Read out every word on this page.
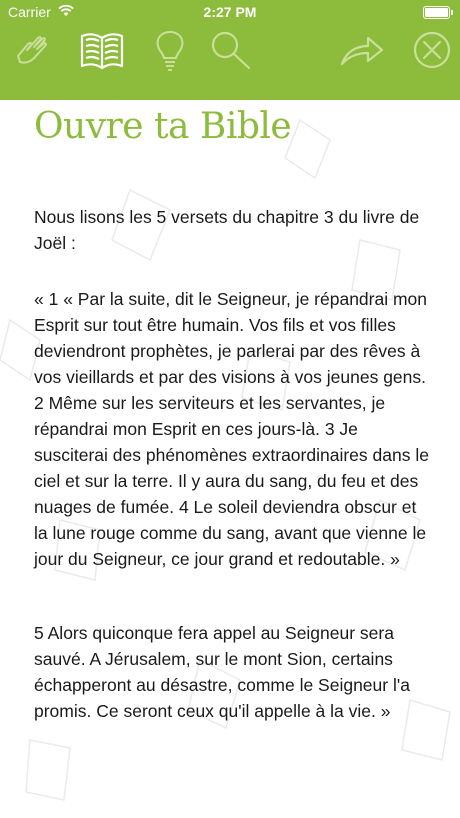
Carrier	2:27 PM
Ouvre ta Bible
Nous lisons les 5 versets du chapitre 3 du livre de Joël :
« 1 « Par la suite, dit le Seigneur, je répandrai mon Esprit sur tout être humain. Vos fils et vos filles deviendront prophètes, je parlerai par des rêves à vos vieillards et par des visions à vos jeunes gens. 2 Même sur les serviteurs et les servantes, je répandrai mon Esprit en ces jours-là. 3 Je susciterai des phénomènes extraordinaires dans le ciel et sur la terre. Il y aura du sang, du feu et des nuages de fumée. 4 Le soleil deviendra obscur et la lune rouge comme du sang, avant que vienne le jour du Seigneur, ce jour grand et redoutable. »
5 Alors quiconque fera appel au Seigneur sera sauvé. A Jérusalem, sur le mont Sion, certains échapperont au désastre, comme le Seigneur l'a promis. Ce seront ceux qu'il appelle à la vie. »
